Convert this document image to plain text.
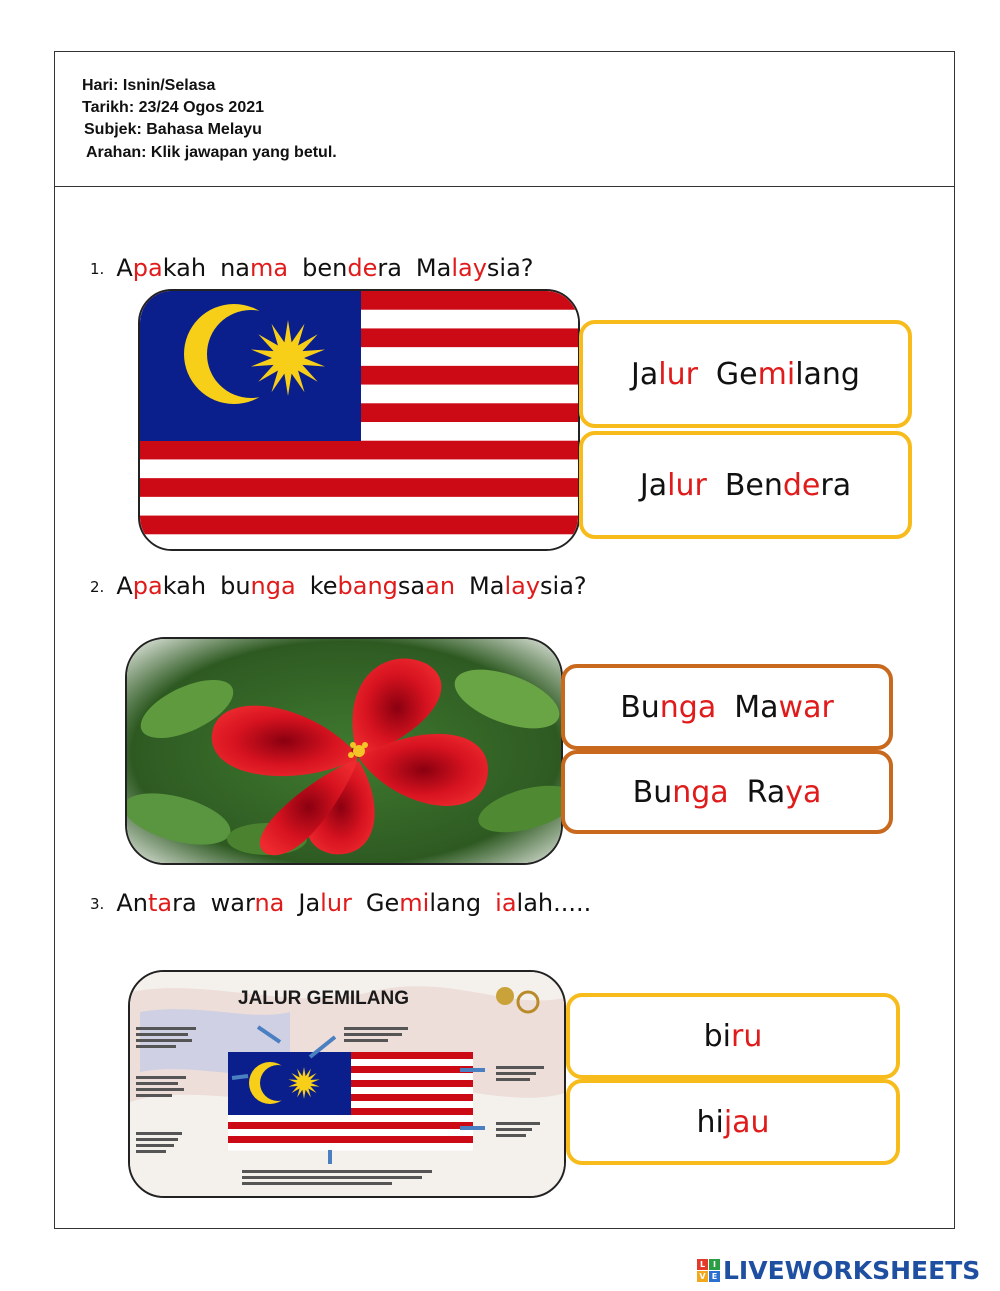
Hari: Isnin/Selasa
Tarikh: 23/24 Ogos 2021
Subjek: Bahasa Melayu
Arahan: Klik jawapan yang betul.
1. Apakah nama bendera Malaysia?
Jalur Gemilang
Jalur Bendera
2. Apakah bunga kebangsaan Malaysia?
Bunga Mawar
Bunga Raya
3. Antara warna Jalur Gemilang ialah.....
JALUR GEMILANG
biru
hijau
L I
V E LIVEWORKSHEETS
